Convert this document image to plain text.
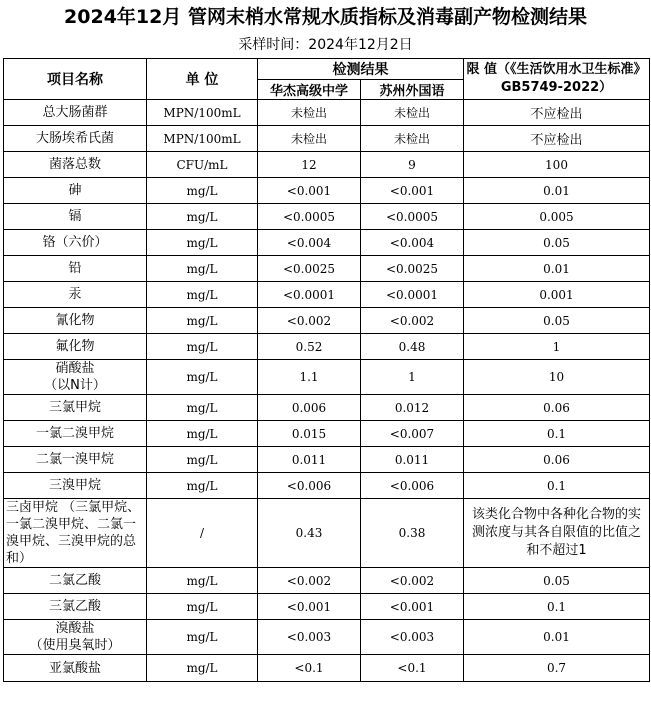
2024年12月 管网末梢水常规水质指标及消毒副产物检测结果
采样时间：2024年12月2日
项目名称	单 位	检测结果		限 值（《生活饮用水卫生标准》GB5749-2022）
		华杰高级中学	苏州外国语	
总大肠菌群	MPN/100mL	未检出	未检出	不应检出
大肠埃希氏菌	MPN/100mL	未检出	未检出	不应检出
菌落总数	CFU/mL	12	9	100
砷	mg/L	<0.001	<0.001	0.01
镉	mg/L	<0.0005	<0.0005	0.005
铬（六价）	mg/L	<0.004	<0.004	0.05
铅	mg/L	<0.0025	<0.0025	0.01
汞	mg/L	<0.0001	<0.0001	0.001
氰化物	mg/L	<0.002	<0.002	0.05
氟化物	mg/L	0.52	0.48	1
硝酸盐
（以N计）	mg/L	1.1	1	10
三氯甲烷	mg/L	0.006	0.012	0.06
一氯二溴甲烷	mg/L	0.015	<0.007	0.1
二氯一溴甲烷	mg/L	0.011	0.011	0.06
三溴甲烷	mg/L	<0.006	<0.006	0.1
三卤甲烷 （三氯甲烷、一氯二溴甲烷、二氯一溴甲烷、三溴甲烷的总和）	/	0.43	0.38	该类化合物中各种化合物的实测浓度与其各自限值的比值之和不超过1
二氯乙酸	mg/L	<0.002	<0.002	0.05
三氯乙酸	mg/L	<0.001	<0.001	0.1
溴酸盐
（使用臭氧时）	mg/L	<0.003	<0.003	0.01
亚氯酸盐	mg/L	<0.1	<0.1	0.7
